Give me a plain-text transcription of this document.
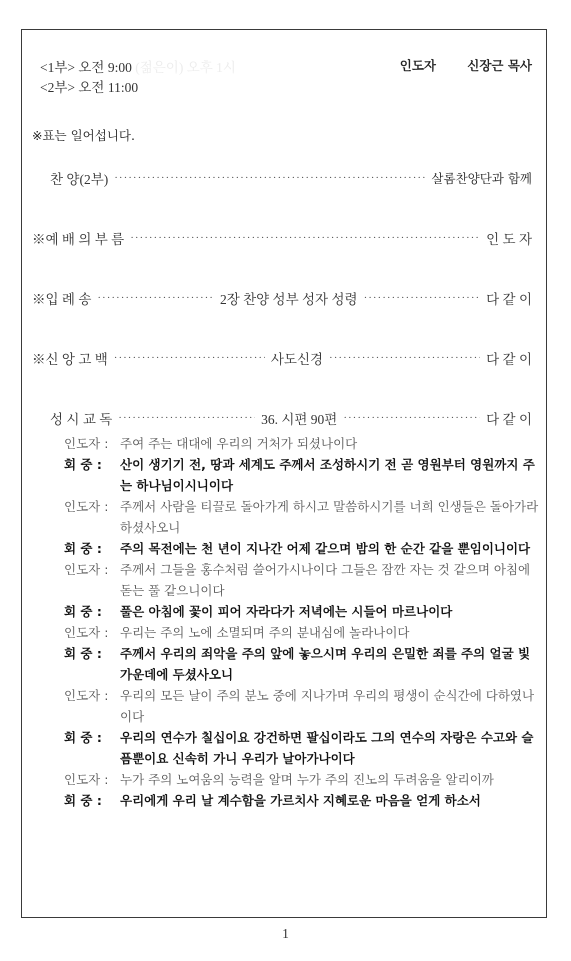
<1부> 오전 9:00 (젊은이) 오후 1시
<2부> 오전 11:00
인도자	신장근 목사
※표는 일어섭니다.
찬 양(2부) ·····	살롬찬양단과 함께
※예 배 의 부 름 ·····	인 도 자
※입 례 송 ·····	2장 찬양 성부 성자 성령 ·····	다 같 이
※신 앙 고 백 ·····	사도신경 ·····	다 같 이
성 시 교 독 ·····	36. 시편 90편 ·····	다 같 이
인도자 : 주여 주는 대대에 우리의 거처가 되셨나이다
회 중 : 산이 생기기 전, 땅과 세계도 주께서 조성하시기 전 곧 영원부터 영원까지 주는 하나님이시니이다
인도자 : 주께서 사람을 티끌로 돌아가게 하시고 말씀하시기를 너희 인생들은 돌아가라 하셨사오니
회 중 : 주의 목전에는 천 년이 지나간 어제 같으며 밤의 한 순간 같을 뿐임이니이다
인도자 : 주께서 그들을 홍수처럼 쓸어가시나이다 그들은 잠깐 자는 것 같으며 아침에 돋는 풀 같으니이다
회 중 : 풀은 아침에 꽃이 피어 자라다가 저녁에는 시들어 마르나이다
인도자 : 우리는 주의 노에 소멸되며 주의 분내심에 놀라나이다
회 중 : 주께서 우리의 죄악을 주의 앞에 놓으시며 우리의 은밀한 죄를 주의 얼굴 빛 가운데에 두셨사오니
인도자 : 우리의 모든 날이 주의 분노 중에 지나가며 우리의 평생이 순식간에 다하였나이다
회 중 : 우리의 연수가 칠십이요 강건하면 팔십이라도 그의 연수의 자랑은 수고와 슬픔뿐이요 신속히 가니 우리가 날아가나이다
인도자 : 누가 주의 노여움의 능력을 알며 누가 주의 진노의 두려움을 알리이까
회 중 : 우리에게 우리 날 계수함을 가르치사 지혜로운 마음을 얻게 하소서
1
